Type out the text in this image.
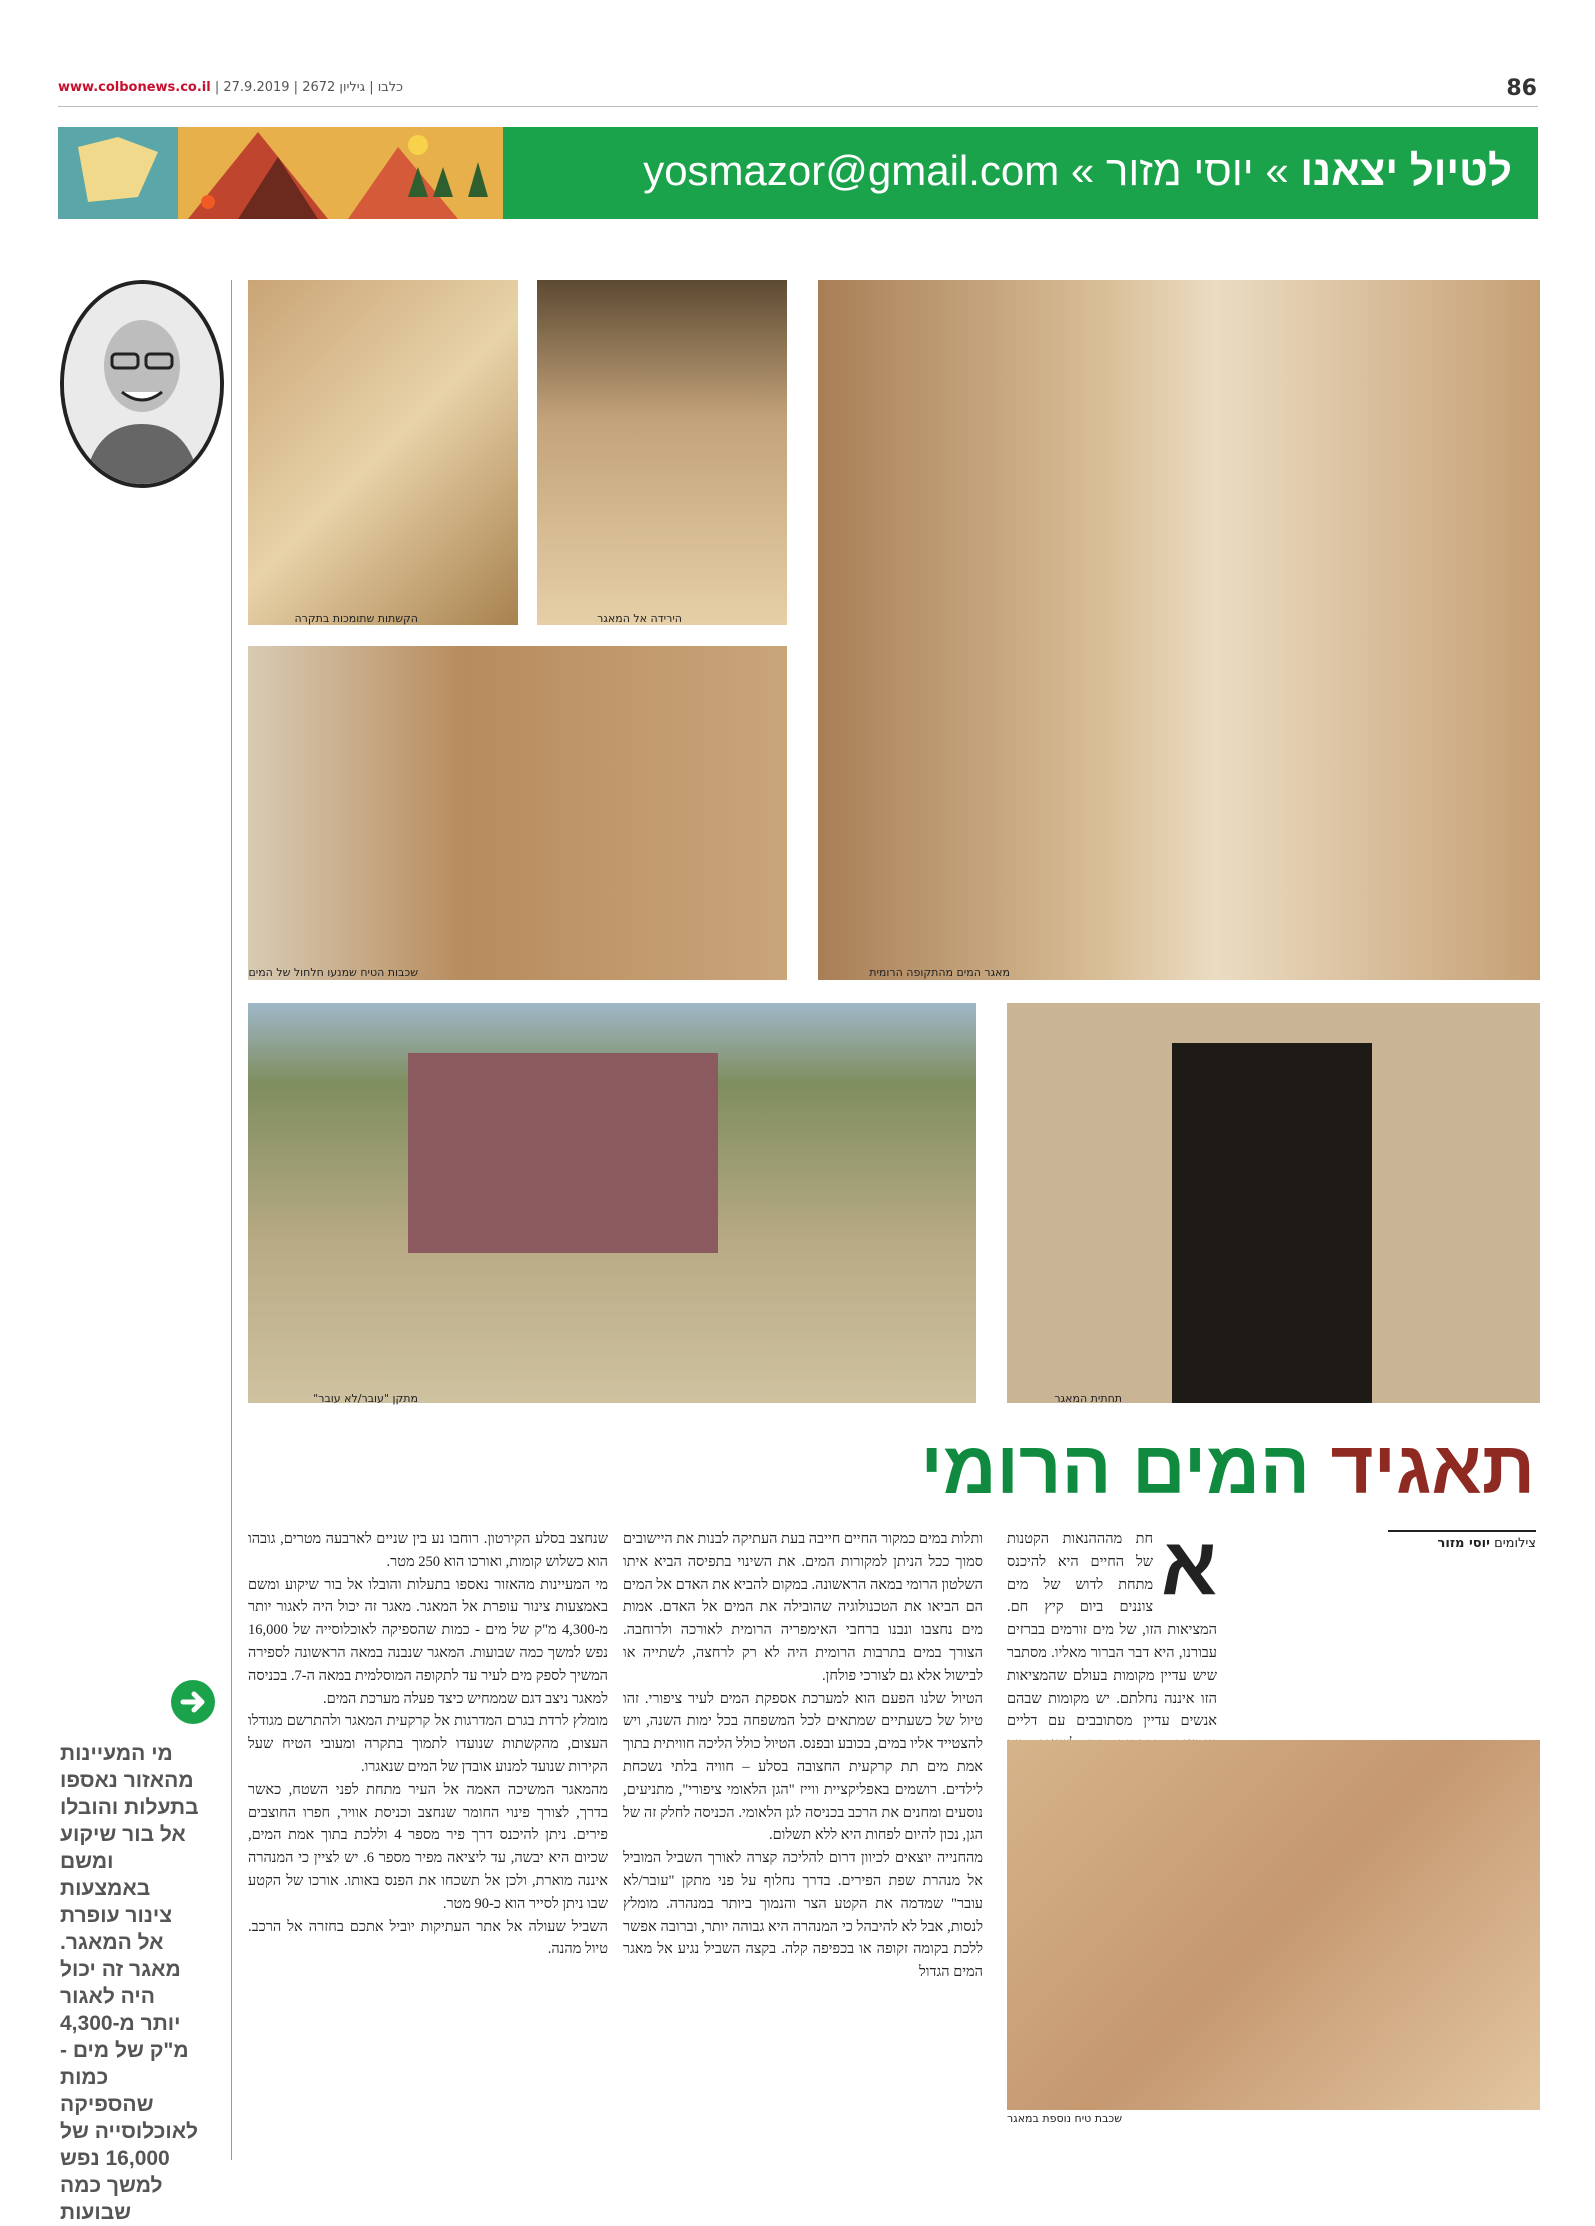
www.colbonews.co.il | כלבו | גיליון 2672 | 27.9.2019	86
לטיול יצאנו » יוסי מזור » yosmazor@gmail.com
הקשתות שתומכות בתקרה	הירידה אל המאגר
מאגר המים מהתקופה הרומית
שכבות הטיח שמנעו חלחול של המים
מתקן "עובר/לא עובר"	תחתית המאגר
תאגיד המים הרומי
צילומים יוסי מזור
א
חת מהההנאות הקטנות של החיים היא להיכנס מתחת לדוש של מים צוננים ביום קיץ חם. המציאות הזו, של מים זורמים בברזים עבורנו, היא דבר הברור מאליו. מסתבר שיש עדיין מקומות בעולם שהמציאות הזו איננה נחלתם. יש מקומות שבהם אנשים עדיין מסתובבים עם דליים
שכבת טיח נוספת במאגר

ותלות במים כמקור החיים חייבה בעת העתיקה לבנות את היישובים סמוך ככל הניתן למקורות המים. את השינוי בתפיסה הביא איתו השלטון הרומי במאה הראשונה. במקום להביא את האדם אל המים הם הביאו את הטכנולוגיה שהובילה את המים אל האדם. אמות מים נחצבו ונבנו ברחבי האימפריה הרומית לאורכה ולרוחבה. הצורך במים בתרבות הרומית היה לא רק לרחצה, לשתייה או לבישול אלא גם לצורכי פולחן.

הטיול שלנו הפעם הוא למערכת אספקת המים לעיר ציפורי. זהו טיול של כשעתיים שמתאים לכל המשפחה בכל ימות השנה, ויש להצטייד אליו במים, בכובע ובפנס. הטיול כולל הליכה חוויתית בתוך אמת מים תת קרקעית החצובה בסלע – חוויה בלתי נשכחת לילדים. רושמים באפליקציית ווייז "הגן הלאומי ציפורי", מתניעים, נוסעים ומחנים את הרכב בכניסה לגן הלאומי. הכניסה לחלק זה של הגן, נכון להיום לפחות היא ללא תשלום.

מהחנייה יוצאים לכיוון דרום להליכה קצרה לאורך השביל המוביל אל מנהרת שפת הפירים. בדרך נחלוף על פני מתקן "עובר/לא עובר" שמדמה את הקטע הצר והנמוך ביותר במנהרה. מומלץ לנסות, אבל לא להיבהל כי המנהרה היא גבוהה יותר, וברובה אפשר ללכת בקומה זקופה או בכפיפה קלה. בקצה השביל נגיע אל מאגר המים הגדול

שנחצב בסלע הקירטון. רוחבו נע בין שניים לארבעה מטרים, גובהו הוא כשלוש קומות, ואורכו הוא 250 מטר.

מי המעיינות מהאזור נאספו בתעלות והובלו אל בור שיקוע ומשם באמצעות צינור עופרת אל המאגר. מאגר זה יכול היה לאגור יותר מ-4,300 מ"ק של מים - כמות שהספיקה לאוכלוסייה של 16,000 נפש למשך כמה שבועות. המאגר שנבנה במאה הראשונה לספירה המשיך לספק מים לעיר עד לתקופה המוסלמית במאה ה-7. בכניסה למאגר ניצב דגם שממחיש כיצד פעלה מערכת המים.

מומלץ לרדת בגרם המדרגות אל קרקעית המאגר ולהתרשם מגודלו העצום, מהקשתות שנועדו לתמוך בתקרה ומעובי הטיח שעל הקירות שנועד למנוע אובדן של המים שנאגרו.

מהמאגר המשיכה האמה אל העיר מתחת לפני השטח, כאשר בדרך, לצורך פינוי החומר שנחצב וכניסת אוויר, חפרו החוצבים פירים. ניתן להיכנס דרך פיר מספר 4 וללכת בתוך אמת המים, שכיום היא יבשה, עד ליציאה מפיר מספר 6. יש לציין כי המנהרה איננה מוארת, ולכן אל תשכחו את הפנס באותו. אורכו של הקטע שבו ניתן לסייר הוא כ-90 מטר.

השביל שעולה אל אתר העתיקות יוביל אתכם בחזרה אל הרכב. טיול מהנה.

מי המעיינות מהאזור נאספו בתעלות והובלו אל בור שיקוע ומשם באמצעות צינור עופרת אל המאגר. מאגר זה יכול היה לאגור יותר מ-4,300 מ"ק של מים - כמות שהספיקה לאוכלוסייה של 16,000 נפש למשך כמה שבועות
